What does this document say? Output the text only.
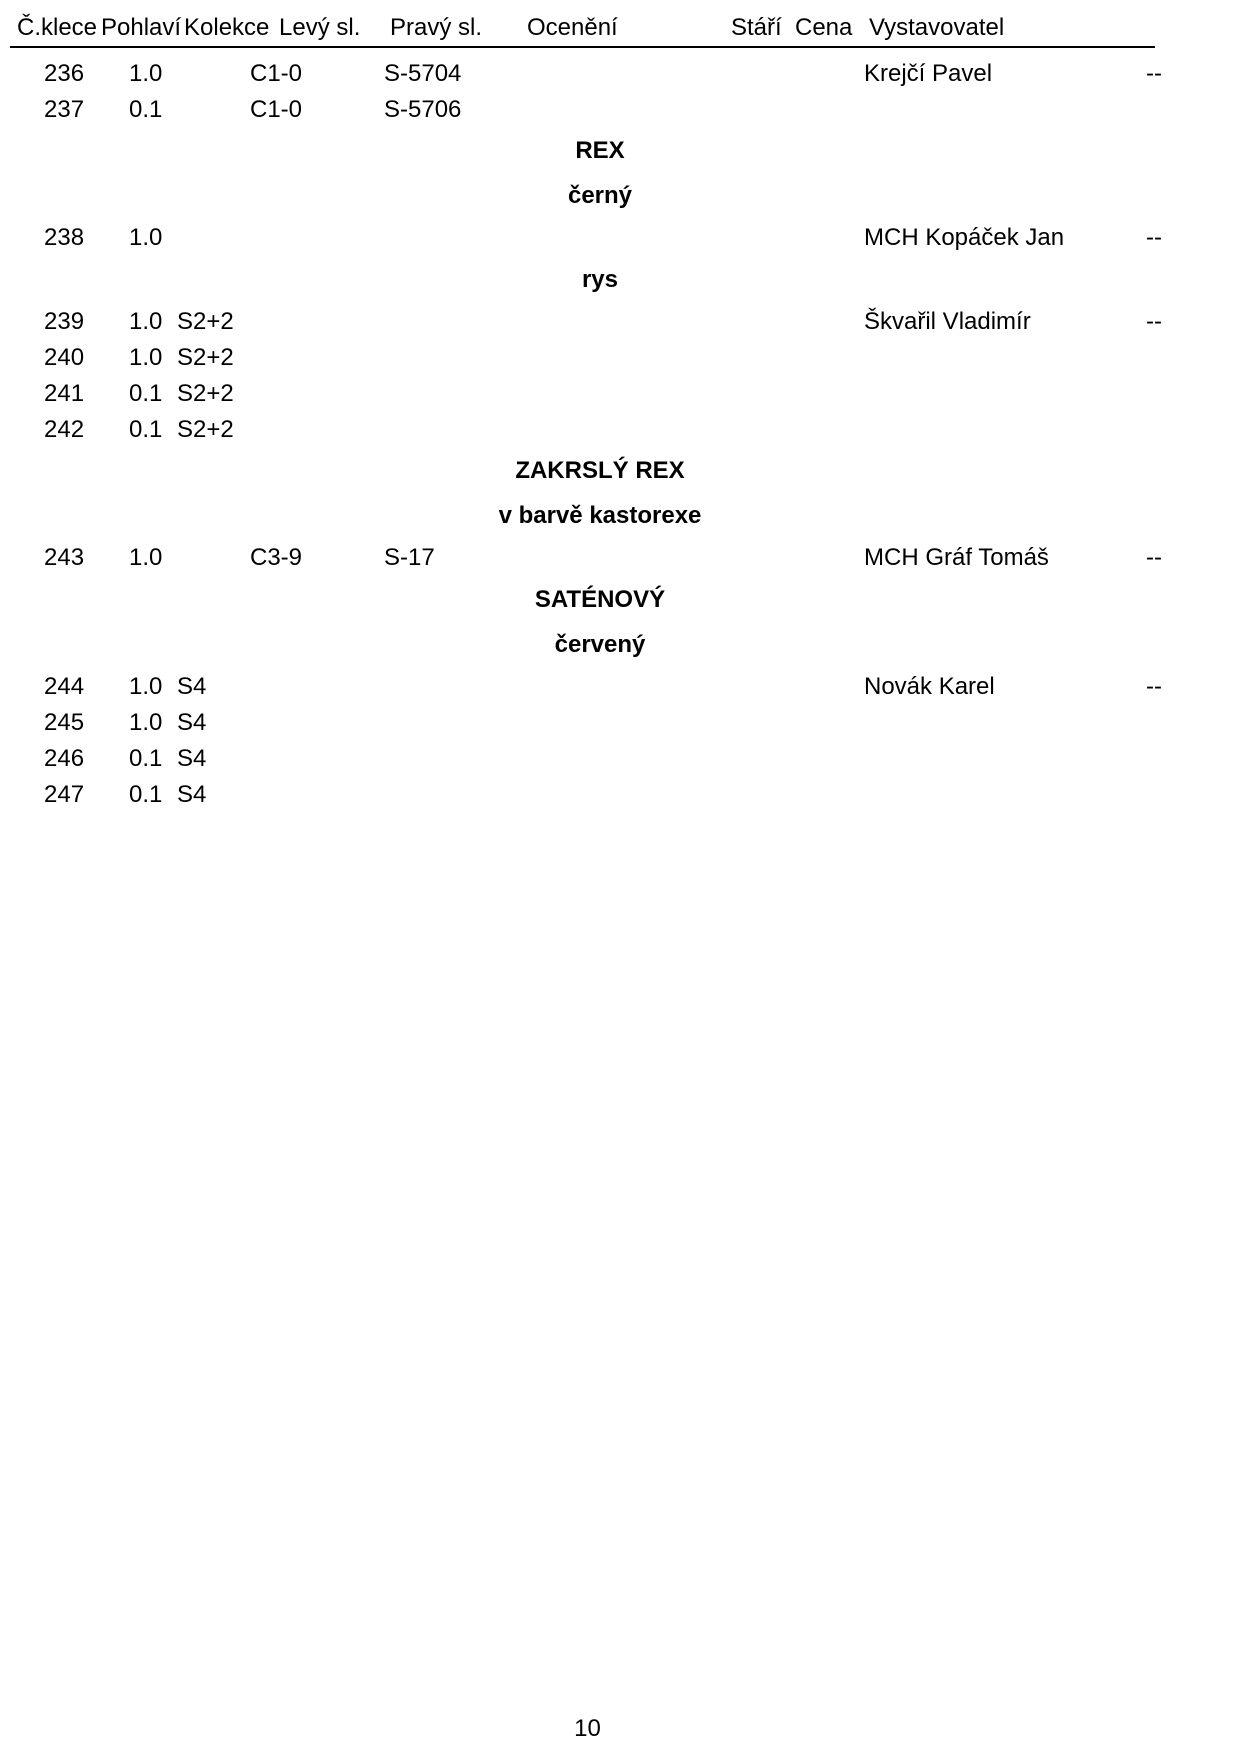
Č.klece Pohlaví Kolekce Levý sl. Pravý sl. Ocenění	Stáří Cena Vystavovatel
236 1.0	C1-0	S-5704	Krejčí Pavel	--
237 0.1	C1-0	S-5706
REX
černý
238 1.0	MCH Kopáček Jan	--
rys
239 1.0 S2+2	Škvařil Vladimír	--
240 1.0 S2+2
241 0.1 S2+2
242 0.1 S2+2
ZAKRSLÝ REX
v barvě kastorexe
243 1.0	C3-9	S-17	MCH Gráf Tomáš	--
SATÉNOVÝ
červený
244 1.0 S4	Novák Karel	--
245 1.0 S4
246 0.1 S4
247 0.1 S4
10
